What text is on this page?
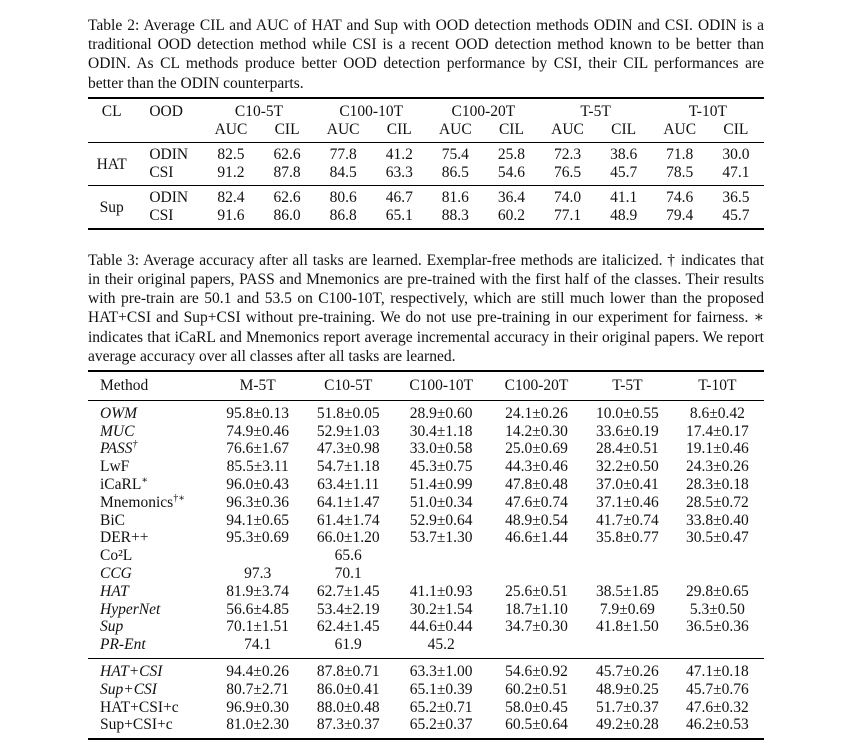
Table 2: Average CIL and AUC of HAT and Sup with OOD detection methods ODIN and CSI. ODIN is a traditional OOD detection method while CSI is a recent OOD detection method known to be better than ODIN. As CL methods produce better OOD detection performance by CSI, their CIL performances are better than the ODIN counterparts.

CL	OOD	C10-5T		C100-10T		C100-20T		T-5T		T-10T	
		AUC	CIL	AUC	CIL	AUC	CIL	AUC	CIL	AUC	CIL
HAT	ODIN	82.5	62.6	77.8	41.2	75.4	25.8	72.3	38.6	71.8	30.0
	CSI	91.2	87.8	84.5	63.3	86.5	54.6	76.5	45.7	78.5	47.1
Sup	ODIN	82.4	62.6	80.6	46.7	81.6	36.4	74.0	41.1	74.6	36.5
	CSI	91.6	86.0	86.8	65.1	88.3	60.2	77.1	48.9	79.4	45.7

Table 3: Average accuracy after all tasks are learned. Exemplar-free methods are italicized. † indicates that in their original papers, PASS and Mnemonics are pre-trained with the first half of the classes. Their results with pre-train are 50.1 and 53.5 on C100-10T, respectively, which are still much lower than the proposed HAT+CSI and Sup+CSI without pre-training. We do not use pre-training in our experiment for fairness. ∗ indicates that iCaRL and Mnemonics report average incremental accuracy in their original papers. We report average accuracy over all classes after all tasks are learned.

Method	M-5T	C10-5T	C100-10T	C100-20T	T-5T	T-10T
OWM	95.8±0.13	51.8±0.05	28.9±0.60	24.1±0.26	10.0±0.55	8.6±0.42
MUC	74.9±0.46	52.9±1.03	30.4±1.18	14.2±0.30	33.6±0.19	17.4±0.17
PASS†	76.6±1.67	47.3±0.98	33.0±0.58	25.0±0.69	28.4±0.51	19.1±0.46
LwF	85.5±3.11	54.7±1.18	45.3±0.75	44.3±0.46	32.2±0.50	24.3±0.26
iCaRL∗	96.0±0.43	63.4±1.11	51.4±0.99	47.8±0.48	37.0±0.41	28.3±0.18
Mnemonics†∗	96.3±0.36	64.1±1.47	51.0±0.34	47.6±0.74	37.1±0.46	28.5±0.72
BiC	94.1±0.65	61.4±1.74	52.9±0.64	48.9±0.54	41.7±0.74	33.8±0.40
DER++	95.3±0.69	66.0±1.20	53.7±1.30	46.6±1.44	35.8±0.77	30.5±0.47
Co²L		65.6				
CCG	97.3	70.1				
HAT	81.9±3.74	62.7±1.45	41.1±0.93	25.6±0.51	38.5±1.85	29.8±0.65
HyperNet	56.6±4.85	53.4±2.19	30.2±1.54	18.7±1.10	7.9±0.69	5.3±0.50
Sup	70.1±1.51	62.4±1.45	44.6±0.44	34.7±0.30	41.8±1.50	36.5±0.36
PR-Ent	74.1	61.9	45.2			
HAT+CSI	94.4±0.26	87.8±0.71	63.3±1.00	54.6±0.92	45.7±0.26	47.1±0.18
Sup+CSI	80.7±2.71	86.0±0.41	65.1±0.39	60.2±0.51	48.9±0.25	45.7±0.76
HAT+CSI+c	96.9±0.30	88.0±0.48	65.2±0.71	58.0±0.45	51.7±0.37	47.6±0.32
Sup+CSI+c	81.0±2.30	87.3±0.37	65.2±0.37	60.5±0.64	49.2±0.28	46.2±0.53
